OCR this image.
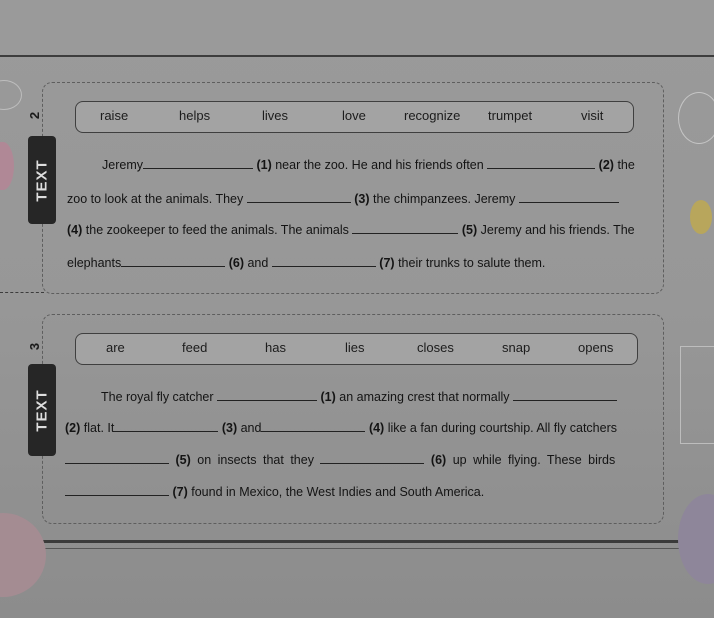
2
TEXT
raise	helps	lives	love	recognize trumpet	visit
Jeremy	(1) near the zoo. He and his friends often	(2) the
zoo to look at the animals. They	(3) the chimpanzees. Jeremy
(4) the zookeeper to feed the animals. The animals	(5) Jeremy and his friends. The
elephants	(6) and	(7) their trunks to salute them.
3
TEXT
are	feed	has	lies	closes	snap	opens
The royal fly catcher	(1) an amazing crest that normally
(2) flat. It	(3) and	(4) like a fan during courtship. All fly catchers
(5) on insects that they	(6) up while flying. These birds
(7) found in Mexico, the West Indies and South America.
